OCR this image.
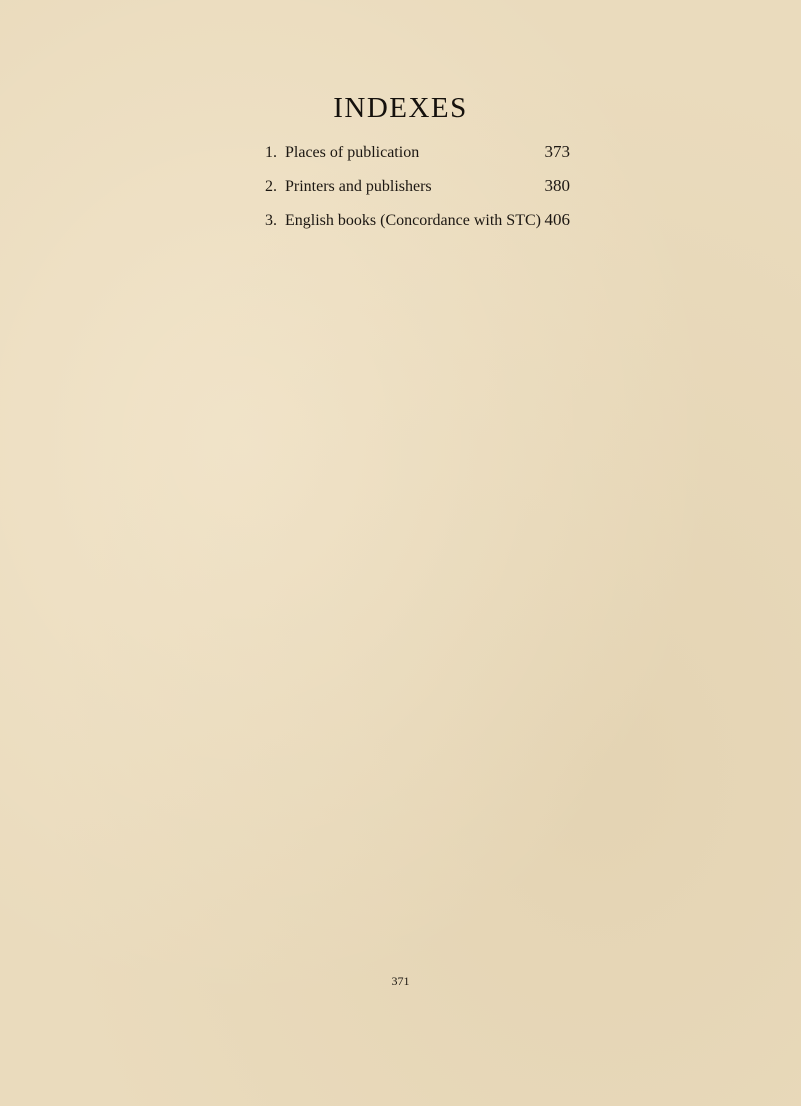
INDEXES
1. Places of publication	373
2. Printers and publishers	380
3. English books (Concordance with STC) 406
371
